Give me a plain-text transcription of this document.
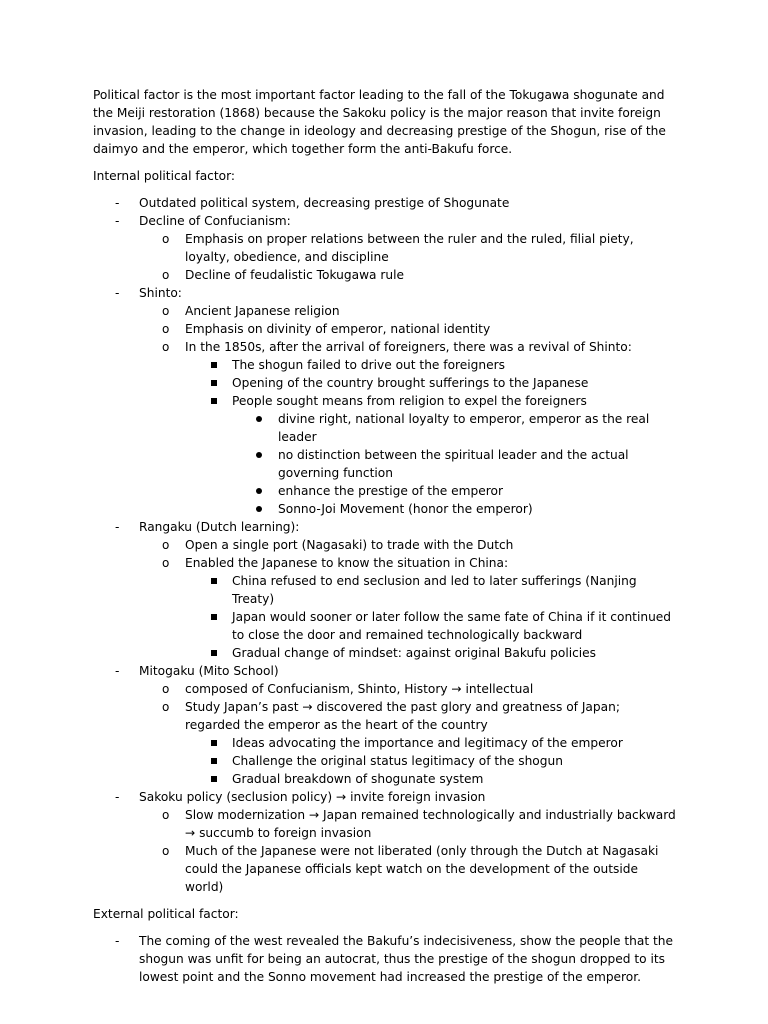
Political factor is the most important factor leading to the fall of the Tokugawa shogunate and the Meiji restoration (1868) because the Sakoku policy is the major reason that invite foreign invasion, leading to the change in ideology and decreasing prestige of the Shogun, rise of the daimyo and the emperor, which together form the anti-Bakufu force.

Internal political factor:

- Outdated political system, decreasing prestige of Shogunate
- Decline of Confucianism:
o Emphasis on proper relations between the ruler and the ruled, filial piety, loyalty, obedience, and discipline
o Decline of feudalistic Tokugawa rule
- Shinto:
o Ancient Japanese religion
o Emphasis on divinity of emperor, national identity
o In the 1850s, after the arrival of foreigners, there was a revival of Shinto:
The shogun failed to drive out the foreigners
Opening of the country brought sufferings to the Japanese
People sought means from religion to expel the foreigners
divine right, national loyalty to emperor, emperor as the real leader
no distinction between the spiritual leader and the actual governing function
enhance the prestige of the emperor
Sonno-Joi Movement (honor the emperor)
- Rangaku (Dutch learning):
o Open a single port (Nagasaki) to trade with the Dutch
o Enabled the Japanese to know the situation in China:
China refused to end seclusion and led to later sufferings (Nanjing Treaty)
Japan would sooner or later follow the same fate of China if it continued to close the door and remained technologically backward
Gradual change of mindset: against original Bakufu policies
- Mitogaku (Mito School)
o composed of Confucianism, Shinto, History → intellectual
o Study Japan’s past → discovered the past glory and greatness of Japan; regarded the emperor as the heart of the country
Ideas advocating the importance and legitimacy of the emperor
Challenge the original status legitimacy of the shogun
Gradual breakdown of shogunate system
- Sakoku policy (seclusion policy) → invite foreign invasion
o Slow modernization → Japan remained technologically and industrially backward → succumb to foreign invasion
o Much of the Japanese were not liberated (only through the Dutch at Nagasaki could the Japanese officials kept watch on the development of the outside world)

External political factor:

- The coming of the west revealed the Bakufu’s indecisiveness, show the people that the shogun was unfit for being an autocrat, thus the prestige of the shogun dropped to its lowest point and the Sonno movement had increased the prestige of the emperor.
